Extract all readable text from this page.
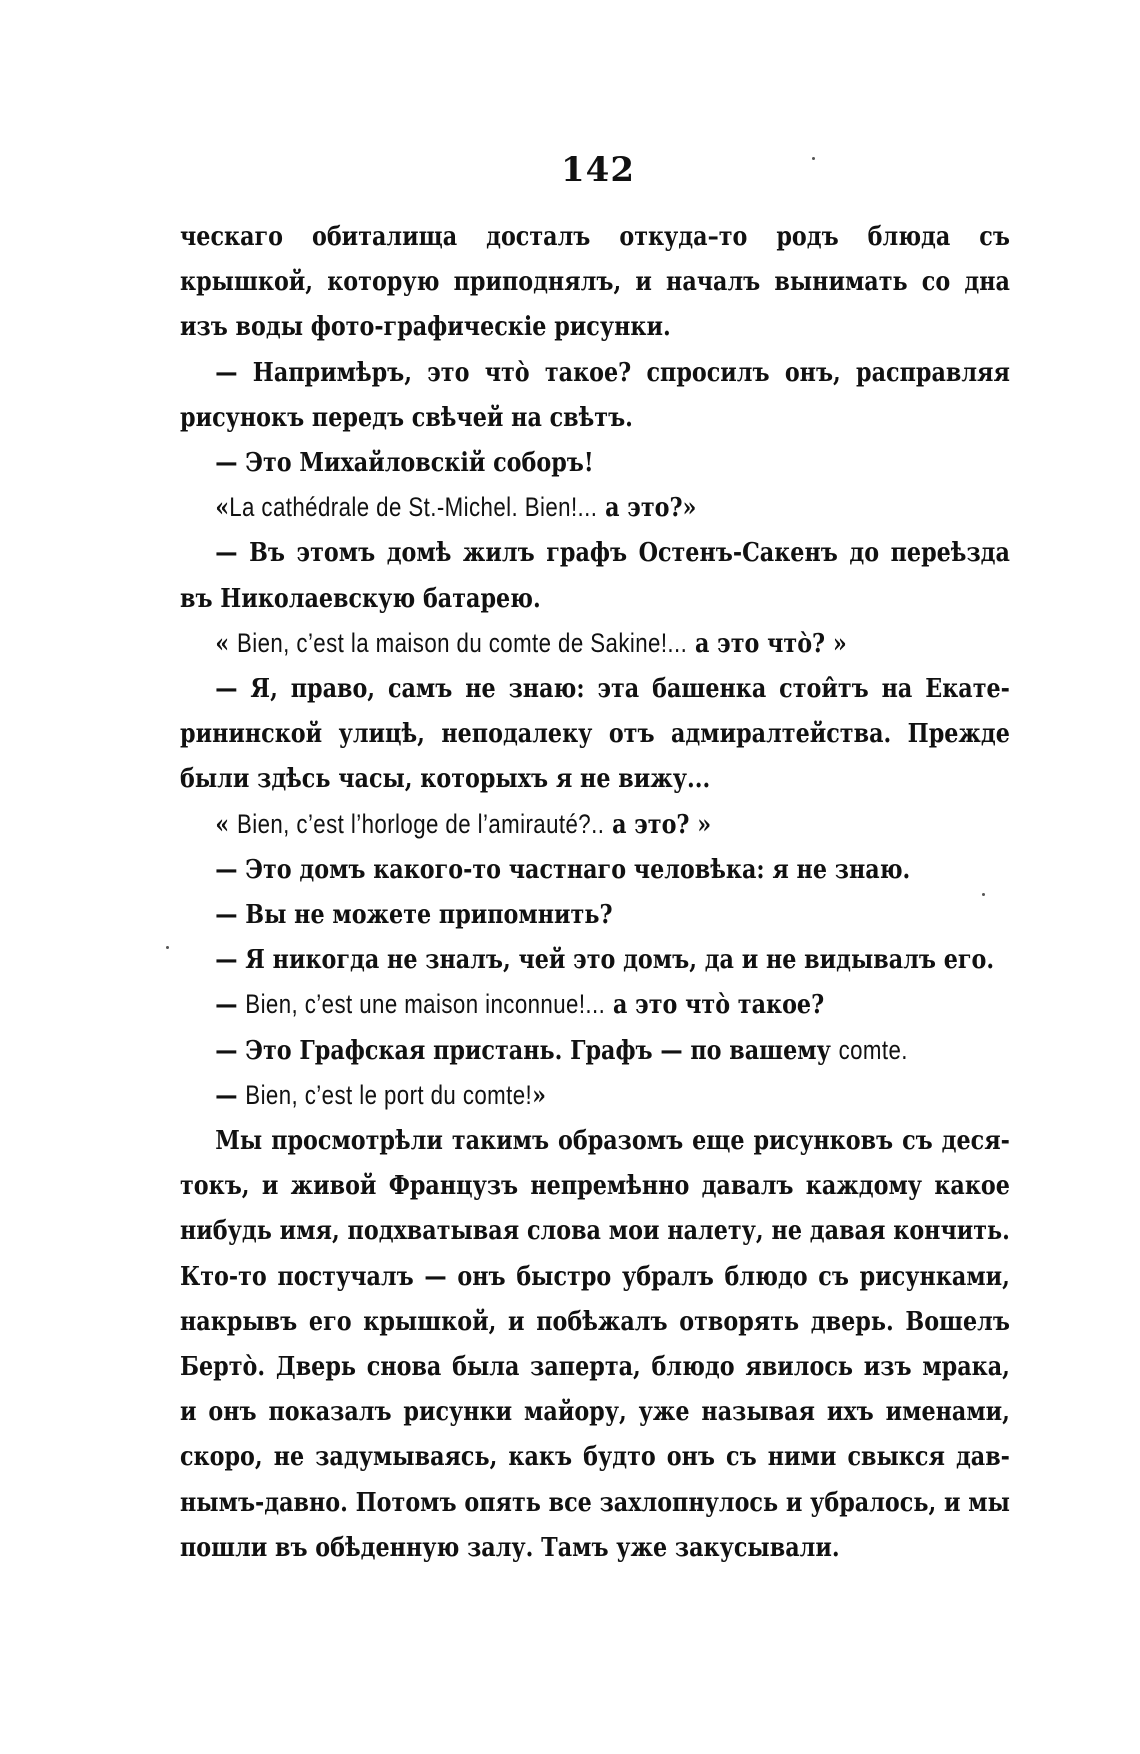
142

ческаго обиталища досталъ откуда–то родъ блюда съ крышкой, которую приподнялъ, и началъ вынимать со дна изъ воды фото-графическіе рисунки.

— Напримѣръ, это что̀ такое? спросилъ онъ, расправляя рисунокъ передъ свѣчей на свѣтъ.

— Это Михайловскій соборъ!

«La cathédrale de St.-Michel. Bien!... а это?»

— Въ этомъ домѣ жилъ графъ Остенъ-Сакенъ до переѣзда въ Николаевскую батарею.

« Bien, c’est la maison du comte de Sakine!... а это что̀? »

— Я, право, самъ не знаю: эта башенка стои̂тъ на Екате-рининской улицѣ, неподалеку отъ адмиралтейства. Прежде были здѣсь часы, которыхъ я не вижу...

« Bien, c’est l’horloge de l’amirauté?.. а это? »

— Это домъ какого-то частнаго человѣка: я не знаю.

— Вы не можете припомнить?

— Я никогда не зналъ, чей это домъ, да и не видывалъ его.

— Bien, c’est une maison inconnue!... а это что̀ такое?

— Это Графская пристань. Графъ — по вашему comte.

— Bien, c’est le port du comte!»

Мы просмотрѣли такимъ образомъ еще рисунковъ съ деся-токъ, и живой Французъ непремѣнно давалъ каждому какое нибудь имя, подхватывая слова мои налету, не давая кончить. Кто-то постучалъ — онъ быстро убралъ блюдо съ рисунками, накрывъ его крышкой, и побѣжалъ отворять дверь. Вошелъ Берто̀. Дверь снова была заперта, блюдо явилось изъ мрака, и онъ показалъ рисунки майору, уже называя ихъ именами, скоро, не задумываясь, какъ будто онъ съ ними свыкся дав-нымъ-давно. Потомъ опять все захлопнулось и убралось, и мы пошли въ обѣденную залу. Тамъ уже закусывали.
